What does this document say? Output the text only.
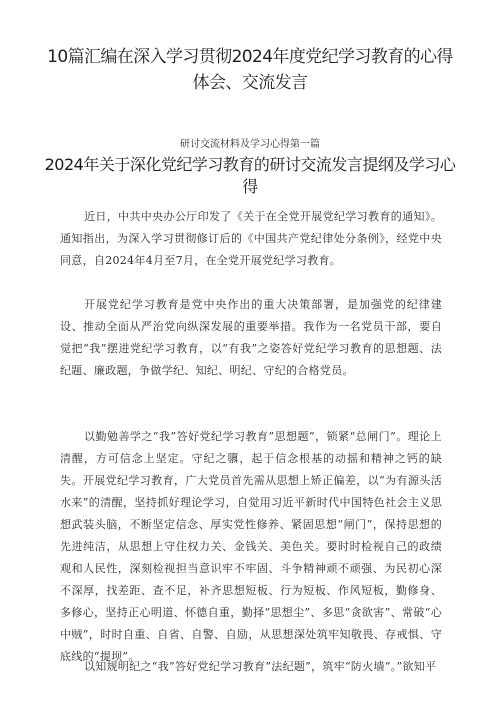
10篇汇编在深入学习贯彻2024年度党纪学习教育的心得体会、交流发言

研讨交流材料及学习心得第一篇

2024年关于深化党纪学习教育的研讨交流发言提纲及学习心得

近日，中共中央办公厅印发了《关于在全党开展党纪学习教育的通知》。通知指出，为深入学习贯彻修订后的《中国共产党纪律处分条例》，经党中央同意，自2024年4月至7月，在全党开展党纪学习教育。

开展党纪学习教育是党中央作出的重大决策部署，是加强党的纪律建设、推动全面从严治党向纵深发展的重要举措。我作为一名党员干部，要自觉把“我”摆进党纪学习教育，以“有我”之姿答好党纪学习教育的思想题、法纪题、廉政题，争做学纪、知纪、明纪、守纪的合格党员。

以勤勉善学之“我”答好党纪学习教育”思想题”，锁紧“总闸门”。理论上清醒，方可信念上坚定。守纪之隳，起于信念根基的动摇和精神之钙的缺失。开展党纪学习教育，广大党员首先需从思想上矫正偏差，以“为有源头活水来”的清醒，坚持抓好理论学习，自觉用习近平新时代中国特色社会主义思想武装头脑，不断坚定信念、厚实党性修养、紧固思想“闸门”，保持思想的先进纯洁，从思想上守住权力关、金钱关、美色关。要时时检视自己的政绩观和人民性，深刻检视担当意识牢不牢固、斗争精神顽不顽强、为民初心深不深厚，找差距、查不足，补齐思想短板、行为短板、作风短板，勤修身、多修心，坚持正心明道、怀德自重，勤择“思想尘”、多思“贪欲害”、常破“心中贼”，时时自重、自省、自警、自励，从思想深处筑牢知敬畏、存戒惧、守底线的“提坝”。

以知规明纪之“我”答好党纪学习教育”法纪题”，筑牢“防火墙”。”欲知平
